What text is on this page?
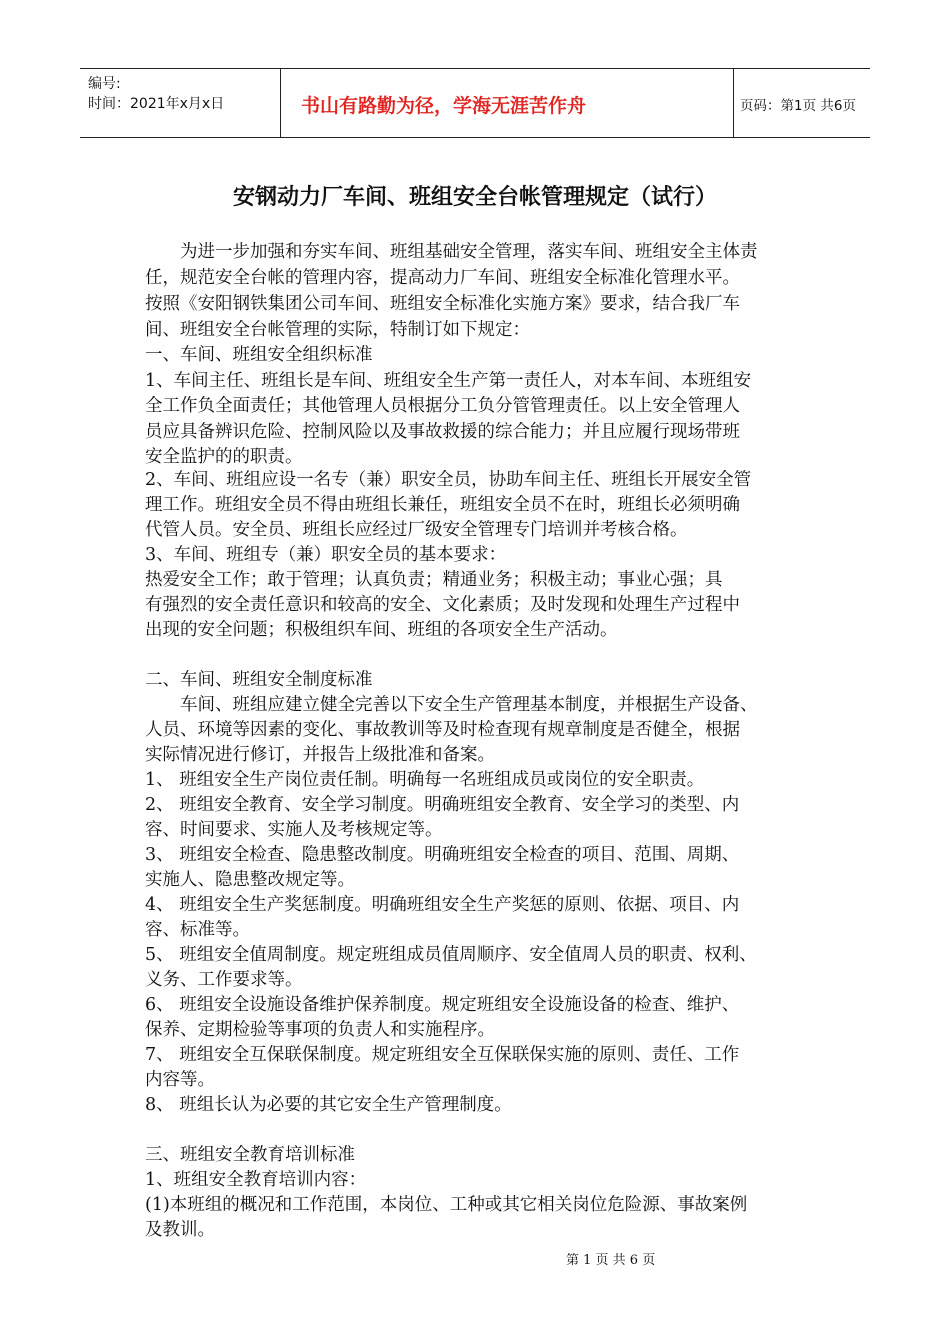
编号:
时间：2021年x月x日	书山有路勤为径，学海无涯苦作舟	页码：第1页 共6页
安钢动力厂车间、班组安全台帐管理规定（试行）
　　为进一步加强和夯实车间、班组基础安全管理，落实车间、班组安全主体责
任，规范安全台帐的管理内容，提高动力厂车间、班组安全标准化管理水平。
按照《安阳钢铁集团公司车间、班组安全标准化实施方案》要求，结合我厂车
间、班组安全台帐管理的实际，特制订如下规定：
一、车间、班组安全组织标准
1、车间主任、班组长是车间、班组安全生产第一责任人，对本车间、本班组安
全工作负全面责任；其他管理人员根据分工负分管管理责任。以上安全管理人
员应具备辨识危险、控制风险以及事故救援的综合能力；并且应履行现场带班
安全监护的的职责。
2、车间、班组应设一名专（兼）职安全员，协助车间主任、班组长开展安全管
理工作。班组安全员不得由班组长兼任，班组安全员不在时，班组长必须明确
代管人员。安全员、班组长应经过厂级安全管理专门培训并考核合格。
3、车间、班组专（兼）职安全员的基本要求：
热爱安全工作；敢于管理；认真负责；精通业务；积极主动；事业心强；具
有强烈的安全责任意识和较高的安全、文化素质；及时发现和处理生产过程中
出现的安全问题；积极组织车间、班组的各项安全生产活动。
二、车间、班组安全制度标准
　　车间、班组应建立健全完善以下安全生产管理基本制度，并根据生产设备、
人员、环境等因素的变化、事故教训等及时检查现有规章制度是否健全，根据
实际情况进行修订，并报告上级批准和备案。
1、 班组安全生产岗位责任制。明确每一名班组成员或岗位的安全职责。
2、 班组安全教育、安全学习制度。明确班组安全教育、安全学习的类型、内
容、时间要求、实施人及考核规定等。
3、 班组安全检查、隐患整改制度。明确班组安全检查的项目、范围、周期、
实施人、隐患整改规定等。
4、 班组安全生产奖惩制度。明确班组安全生产奖惩的原则、依据、项目、内
容、标准等。
5、 班组安全值周制度。规定班组成员值周顺序、安全值周人员的职责、权利、
义务、工作要求等。
6、 班组安全设施设备维护保养制度。规定班组安全设施设备的检查、维护、
保养、定期检验等事项的负责人和实施程序。
7、 班组安全互保联保制度。规定班组安全互保联保实施的原则、责任、工作
内容等。
8、 班组长认为必要的其它安全生产管理制度。
三、班组安全教育培训标准
1、班组安全教育培训内容：
(1)本班组的概况和工作范围，本岗位、工种或其它相关岗位危险源、事故案例
及教训。
第 1 页 共 6 页
